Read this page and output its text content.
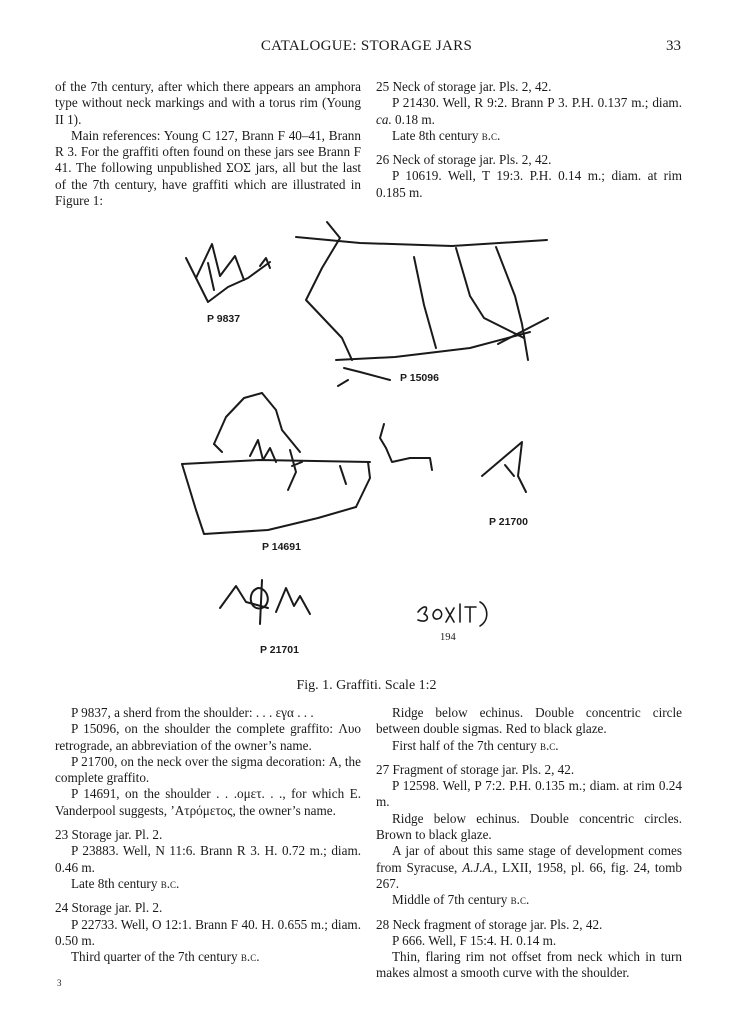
CATALOGUE: STORAGE JARS	33

of the 7th century, after which there appears an amphora type without neck markings and with a torus rim (Young II 1).

Main references: Young C 127, Brann F 40–41, Brann R 3. For the graffiti often found on these jars see Brann F 41. The following unpublished ΣΟΣ jars, all but the last of the 7th century, have graffiti which are illustrated in Figure 1:

25 Neck of storage jar. Pls. 2, 42.

P 21430. Well, R 9:2. Brann P 3. P.H. 0.137 m.; diam. ca. 0.18 m.

Late 8th century b.c.

26 Neck of storage jar. Pls. 2, 42.

P 10619. Well, T 19:3. P.H. 0.14 m.; diam. at rim 0.185 m.

P 9837
P 15096
P 14691
P 21700
P 21701
194
Fig. 1. Graffiti. Scale 1:2

P 9837, a sherd from the shoulder: . . . εγα . . .

P 15096, on the shoulder the complete graffito: Λυο retrograde, an abbreviation of the owner’s name.

P 21700, on the neck over the sigma decoration: Α, the complete graffito.

P 14691, on the shoulder . . .ομετ. . ., for which E. Vanderpool suggests, ’Ατρόμετος, the owner’s name.

23 Storage jar. Pl. 2.

P 23883. Well, N 11:6. Brann R 3. H. 0.72 m.; diam. 0.46 m.

Late 8th century b.c.

24 Storage jar. Pl. 2.

P 22733. Well, O 12:1. Brann F 40. H. 0.655 m.; diam. 0.50 m.

Third quarter of the 7th century b.c.

Ridge below echinus. Double concentric circle between double sigmas. Red to black glaze.

First half of the 7th century b.c.

27 Fragment of storage jar. Pls. 2, 42.

P 12598. Well, P 7:2. P.H. 0.135 m.; diam. at rim 0.24 m.

Ridge below echinus. Double concentric circles. Brown to black glaze.

A jar of about this same stage of development comes from Syracuse, A.J.A., LXII, 1958, pl. 66, fig. 24, tomb 267.

Middle of 7th century b.c.

28 Neck fragment of storage jar. Pls. 2, 42.

P 666. Well, F 15:4. H. 0.14 m.

Thin, flaring rim not offset from neck which in turn makes almost a smooth curve with the shoulder.

3
